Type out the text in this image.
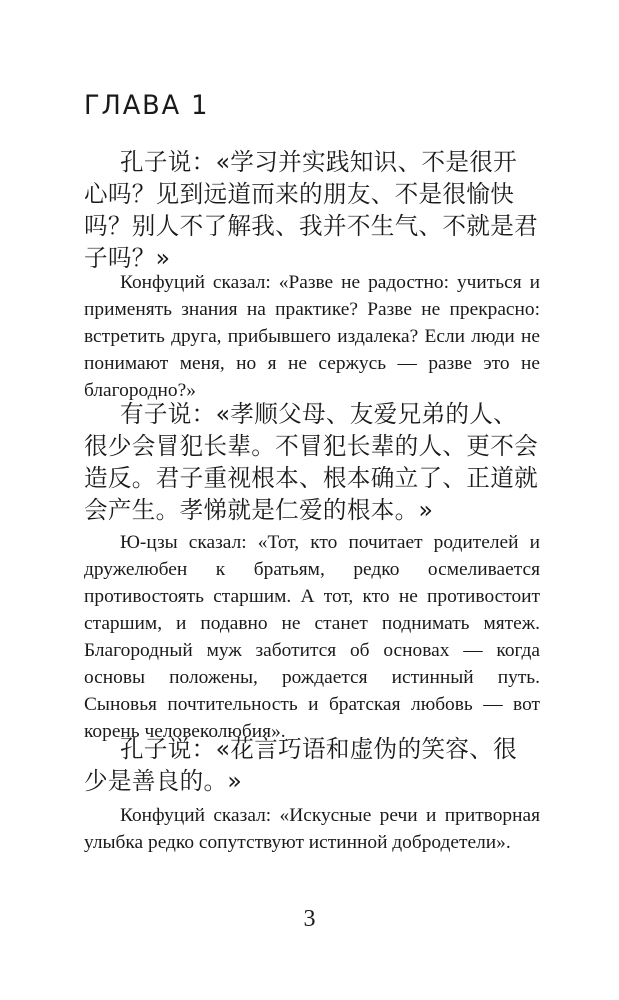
ГЛАВА 1

孔子说：«学习并实践知识、不是很开心吗？见到远道而来的朋友、不是很愉快吗？别人不了解我、我并不生气、不就是君子吗？»

Конфуций сказал: «Разве не радостно: учиться и применять знания на практике? Разве не прекрасно: встретить друга, прибывшего издалека? Если люди не понимают меня, но я не сержусь — разве это не благородно?»

有子说：«孝顺父母、友爱兄弟的人、很少会冒犯长辈。不冒犯长辈的人、更不会造反。君子重视根本、根本确立了、正道就会产生。孝悌就是仁爱的根本。»

Ю-цзы сказал: «Тот, кто почитает родителей и дружелюбен к братьям, редко осмеливается противостоять старшим. А тот, кто не противостоит старшим, и подавно не станет поднимать мятеж. Благородный муж заботится об основах — когда основы положены, рождается истинный путь. Сыновья почтительность и братская любовь — вот корень человеколюбия».

孔子说：«花言巧语和虚伪的笑容、很少是善良的。»

Конфуций сказал: «Искусные речи и притворная улыбка редко сопутствуют истинной добродетели».

3
